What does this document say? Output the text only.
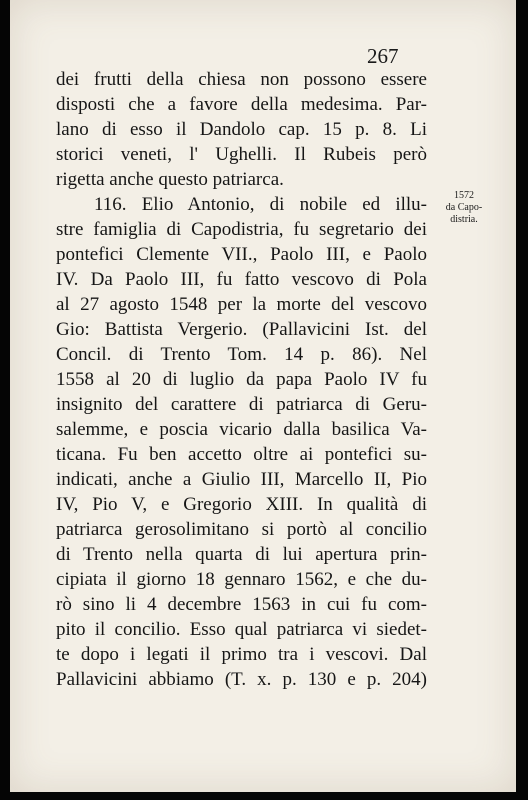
267
1572
da Capo-
distria.
dei frutti della chiesa non possono essere
disposti che a favore della medesima. Par-
lano di esso il Dandolo cap. 15 p. 8. Li
storici veneti, l' Ughelli. Il Rubeis però
rigetta anche questo patriarca.
116. Elio Antonio, di nobile ed illu-
stre famiglia di Capodistria, fu segretario dei
pontefici Clemente VII., Paolo III, e Paolo
IV. Da Paolo III, fu fatto vescovo di Pola
al 27 agosto 1548 per la morte del vescovo
Gio: Battista Vergerio. (Pallavicini Ist. del
Concil. di Trento Tom. 14 p. 86). Nel
1558 al 20 di luglio da papa Paolo IV fu
insignito del carattere di patriarca di Geru-
salemme, e poscia vicario dalla basilica Va-
ticana. Fu ben accetto oltre ai pontefici su-
indicati, anche a Giulio III, Marcello II, Pio
IV, Pio V, e Gregorio XIII. In qualità di
patriarca gerosolimitano si portò al concilio
di Trento nella quarta di lui apertura prin-
cipiata il giorno 18 gennaro 1562, e che du-
rò sino li 4 decembre 1563 in cui fu com-
pito il concilio. Esso qual patriarca vi siedet-
te dopo i legati il primo tra i vescovi. Dal
Pallavicini abbiamo (T. x. p. 130 e p. 204)
